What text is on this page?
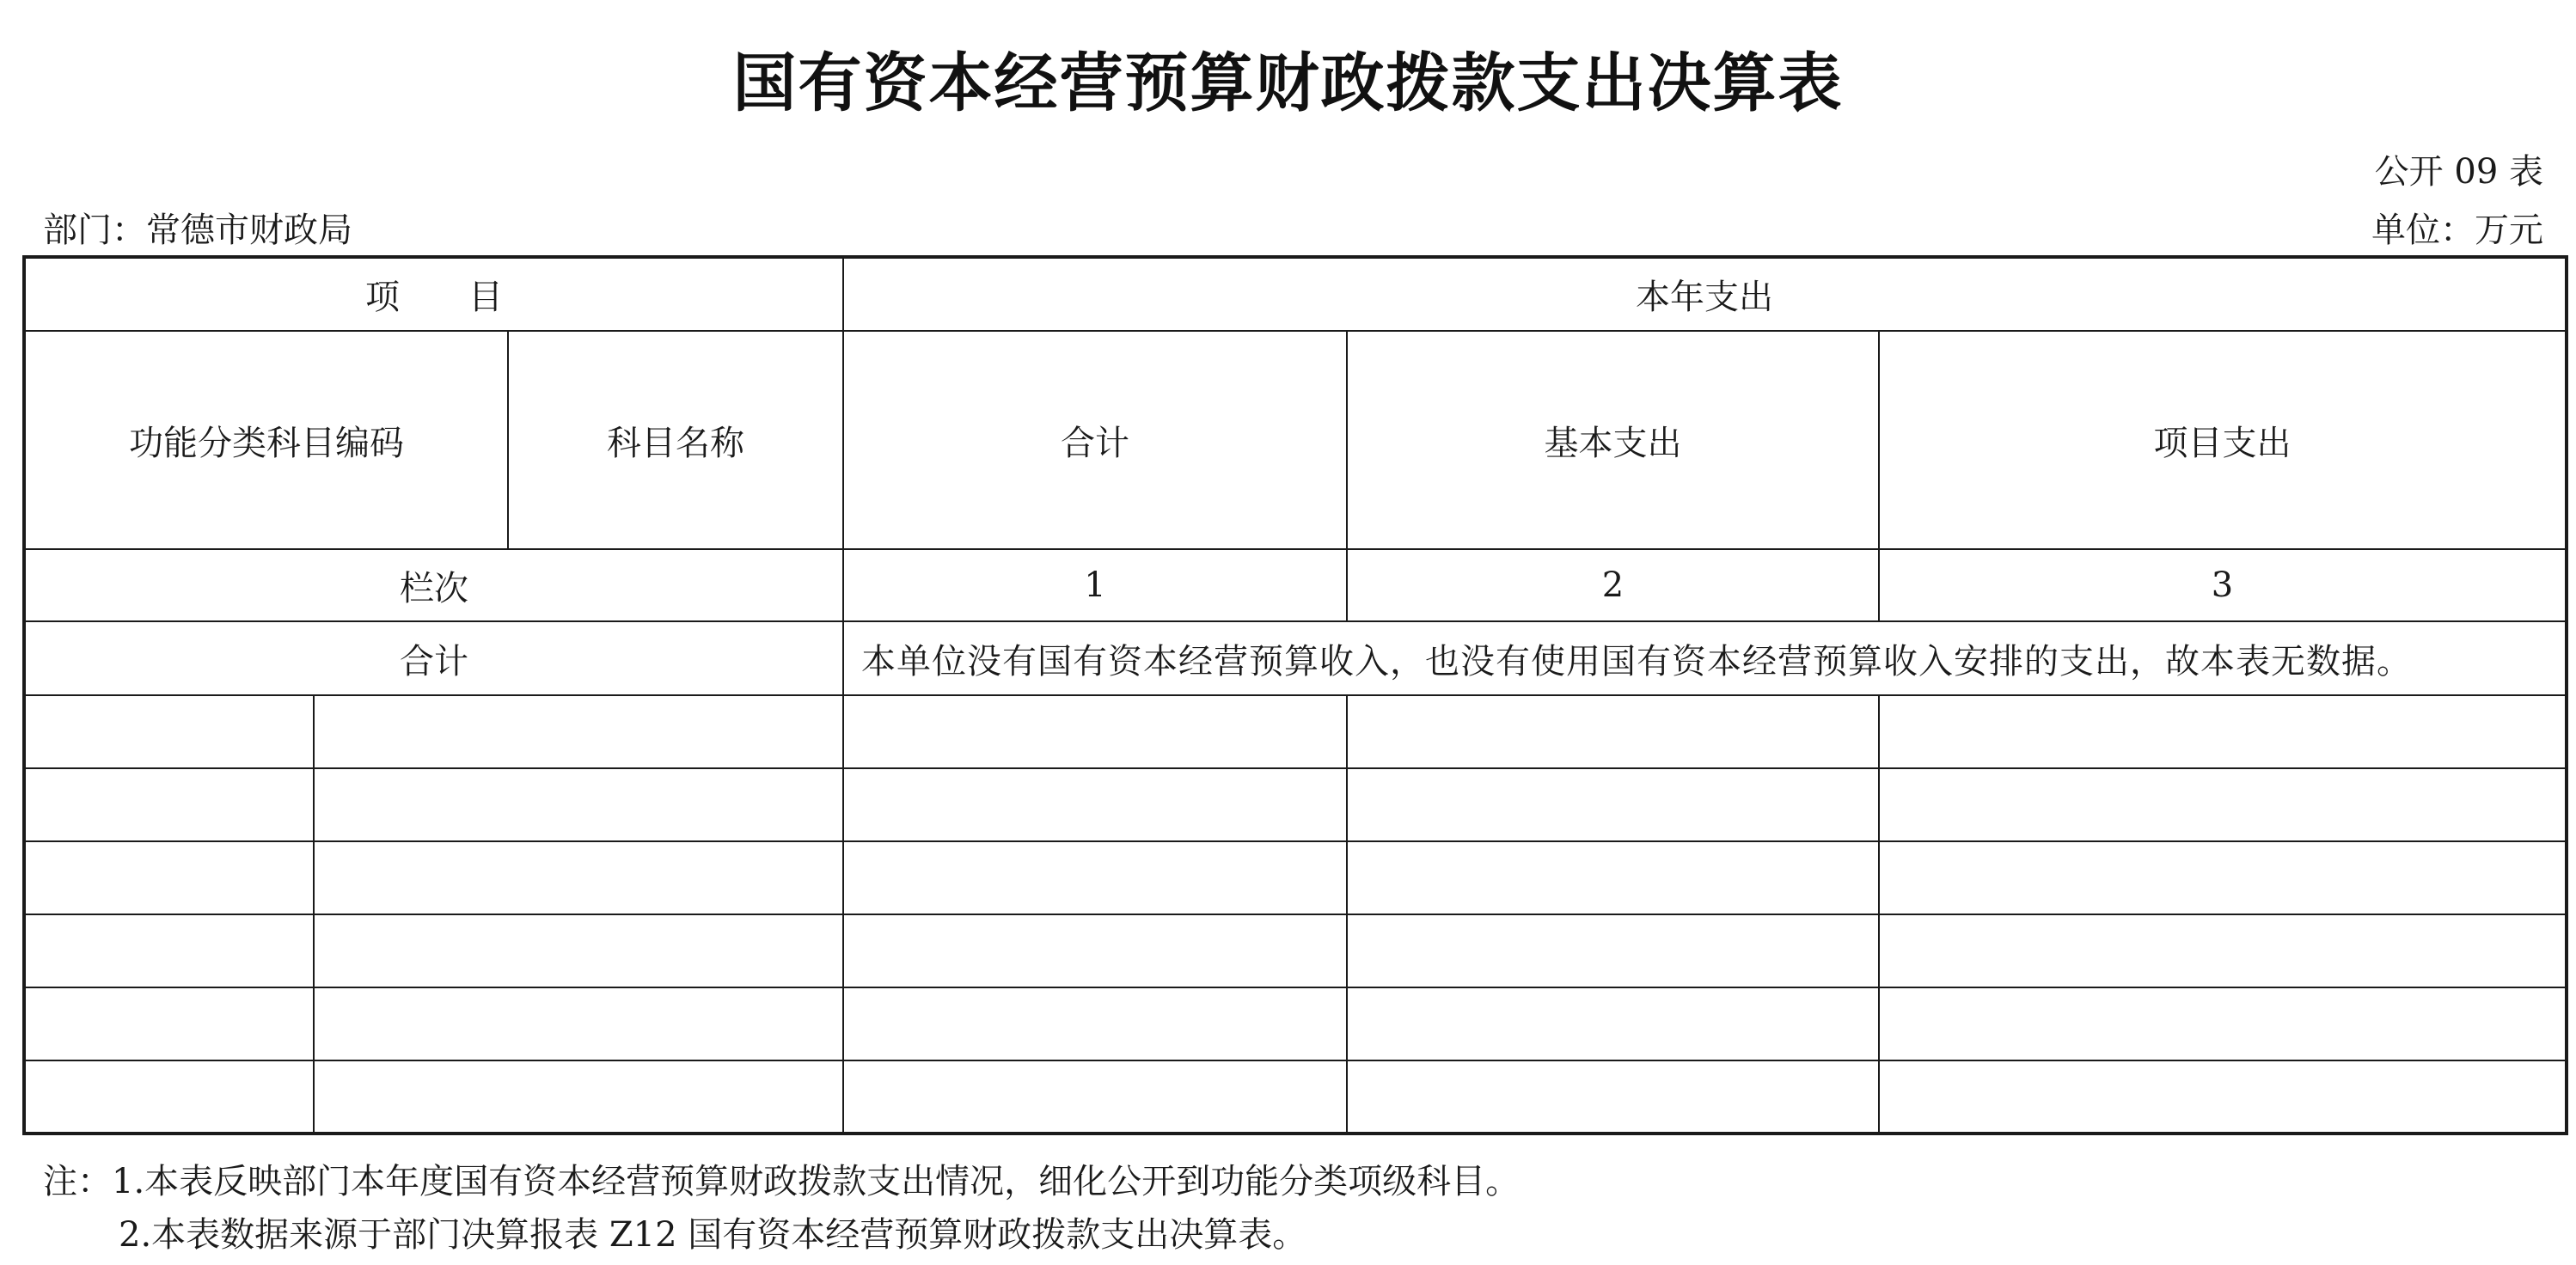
国有资本经营预算财政拨款支出决算表
公开 09 表
部门：常德市财政局	单位：万元
项　　目			本年支出		
功能分类科目编码		科目名称	合计	基本支出	项目支出
栏次			1	2	3
合计			本单位没有国有资本经营预算收入，也没有使用国有资本经营预算收入安排的支出，故本表无数据。		

注：1.本表反映部门本年度国有资本经营预算财政拨款支出情况，细化公开到功能分类项级科目。
2.本表数据来源于部门决算报表 Z12 国有资本经营预算财政拨款支出决算表。
